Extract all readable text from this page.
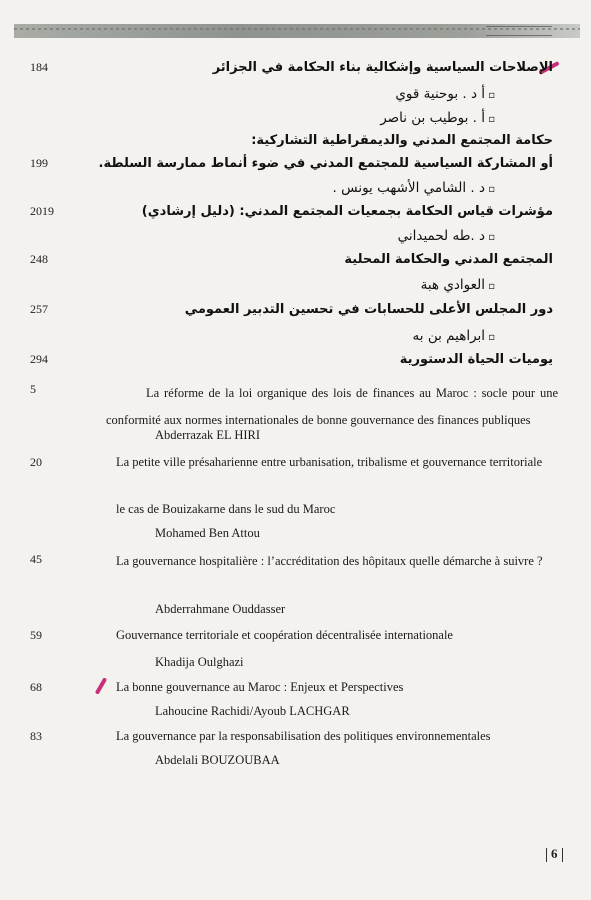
184	الإصلاحات السياسية وإشكالية بناء الحكامة في الجزائر
▫ أ د . بوحنية قوي
▫ أ . بوطيب بن ناصر
حكامة المجتمع المدني والديمقراطية التشاركية:
199	أو المشاركة السياسية للمجتمع المدني في ضوء أنماط ممارسة السلطة.
▫ د . الشامي الأشهب يونس .
2019	مؤشرات قياس الحكامة بجمعيات المجتمع المدني: (دليل إرشادي)
▫ د .طه لحميداني
248	المجتمع المدني والحكامة المحلية
▫ العوادي هبة
257	دور المجلس الأعلى للحسابات في تحسين التدبير العمومي
▫ ابراهيم بن به
294	يوميات الحياة الدستورية
5	La réforme de la loi organique des lois de finances au Maroc : socle pour une conformité aux normes internationales de bonne gouvernance des finances publiques
Abderrazak EL HIRI
20	La petite ville présaharienne entre urbanisation, tribalisme et gouvernance territoriale
le cas de Bouizakarne dans le sud du Maroc
Mohamed Ben Attou
45	La gouvernance hospitalière : l’accréditation des hôpitaux quelle démarche à suivre ?
Abderrahmane Ouddasser
59	Gouvernance territoriale et coopération décentralisée internationale
Khadija Oulghazi
68	La bonne gouvernance au Maroc : Enjeux et Perspectives
Lahoucine Rachidi/Ayoub LACHGAR
83	La gouvernance par la responsabilisation des politiques environnementales
Abdelali BOUZOUBAA
6
